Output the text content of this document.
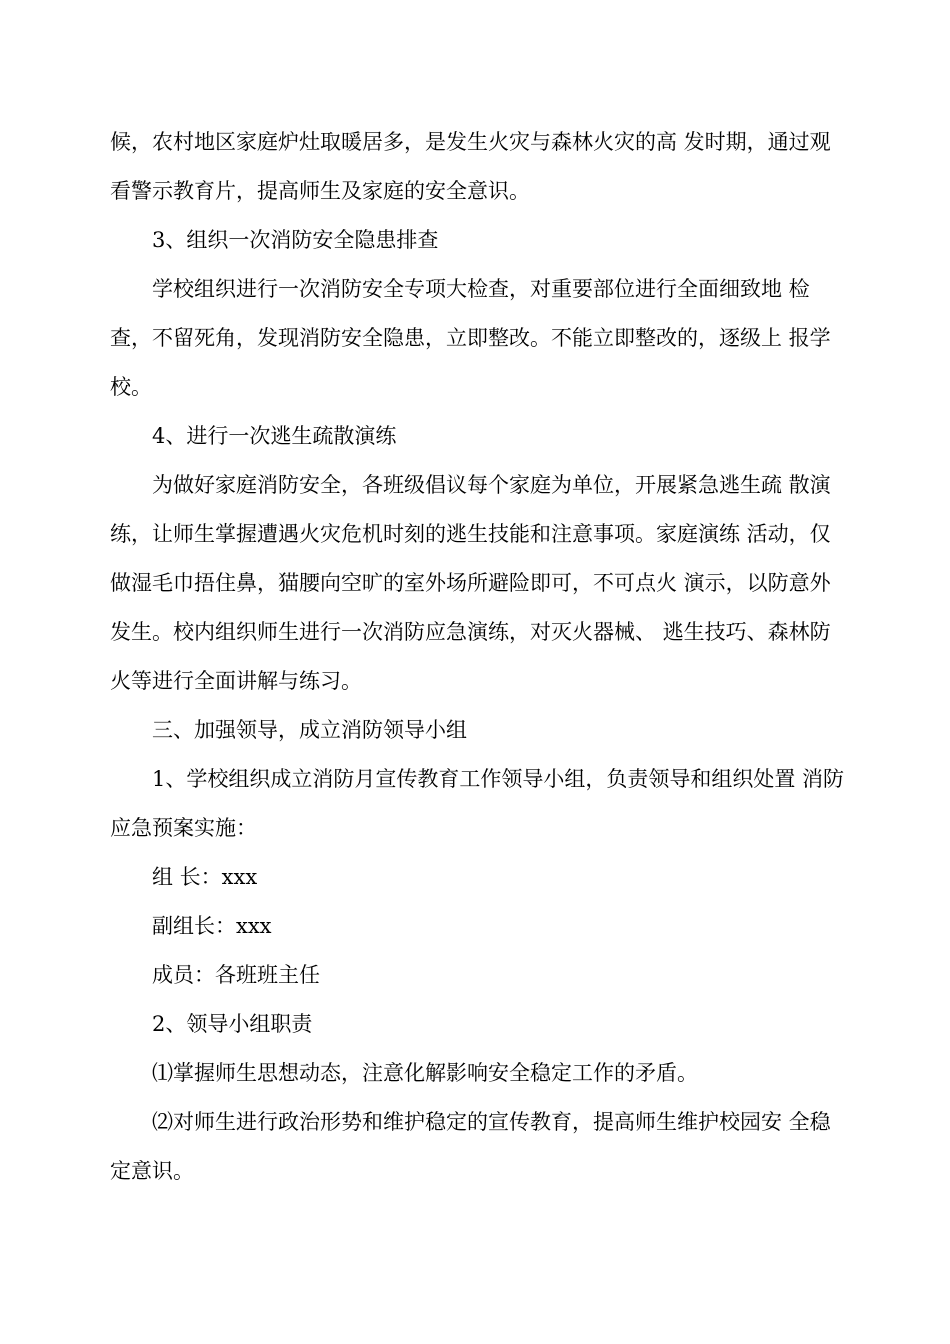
候，农村地区家庭炉灶取暖居多，是发生火灾与森林火灾的高 发时期，通过观
看警示教育片，提高师生及家庭的安全意识。
3、组织一次消防安全隐患排查
学校组织进行一次消防安全专项大检查，对重要部位进行全面细致地 检
查，不留死角，发现消防安全隐患，立即整改。不能立即整改的，逐级上 报学
校。
4、进行一次逃生疏散演练
为做好家庭消防安全，各班级倡议每个家庭为单位，开展紧急逃生疏 散演
练，让师生掌握遭遇火灾危机时刻的逃生技能和注意事项。家庭演练 活动，仅
做湿毛巾捂住鼻，猫腰向空旷的室外场所避险即可，不可点火 演示，以防意外
发生。校内组织师生进行一次消防应急演练，对灭火器械、 逃生技巧、森林防
火等进行全面讲解与练习。
三、加强领导，成立消防领导小组
1、学校组织成立消防月宣传教育工作领导小组，负责领导和组织处置 消防
应急预案实施：
组 长：xxx
副组长：xxx
成员：各班班主任
2、领导小组职责
⑴掌握师生思想动态，注意化解影响安全稳定工作的矛盾。
⑵对师生进行政治形势和维护稳定的宣传教育，提高师生维护校园安 全稳
定意识。
